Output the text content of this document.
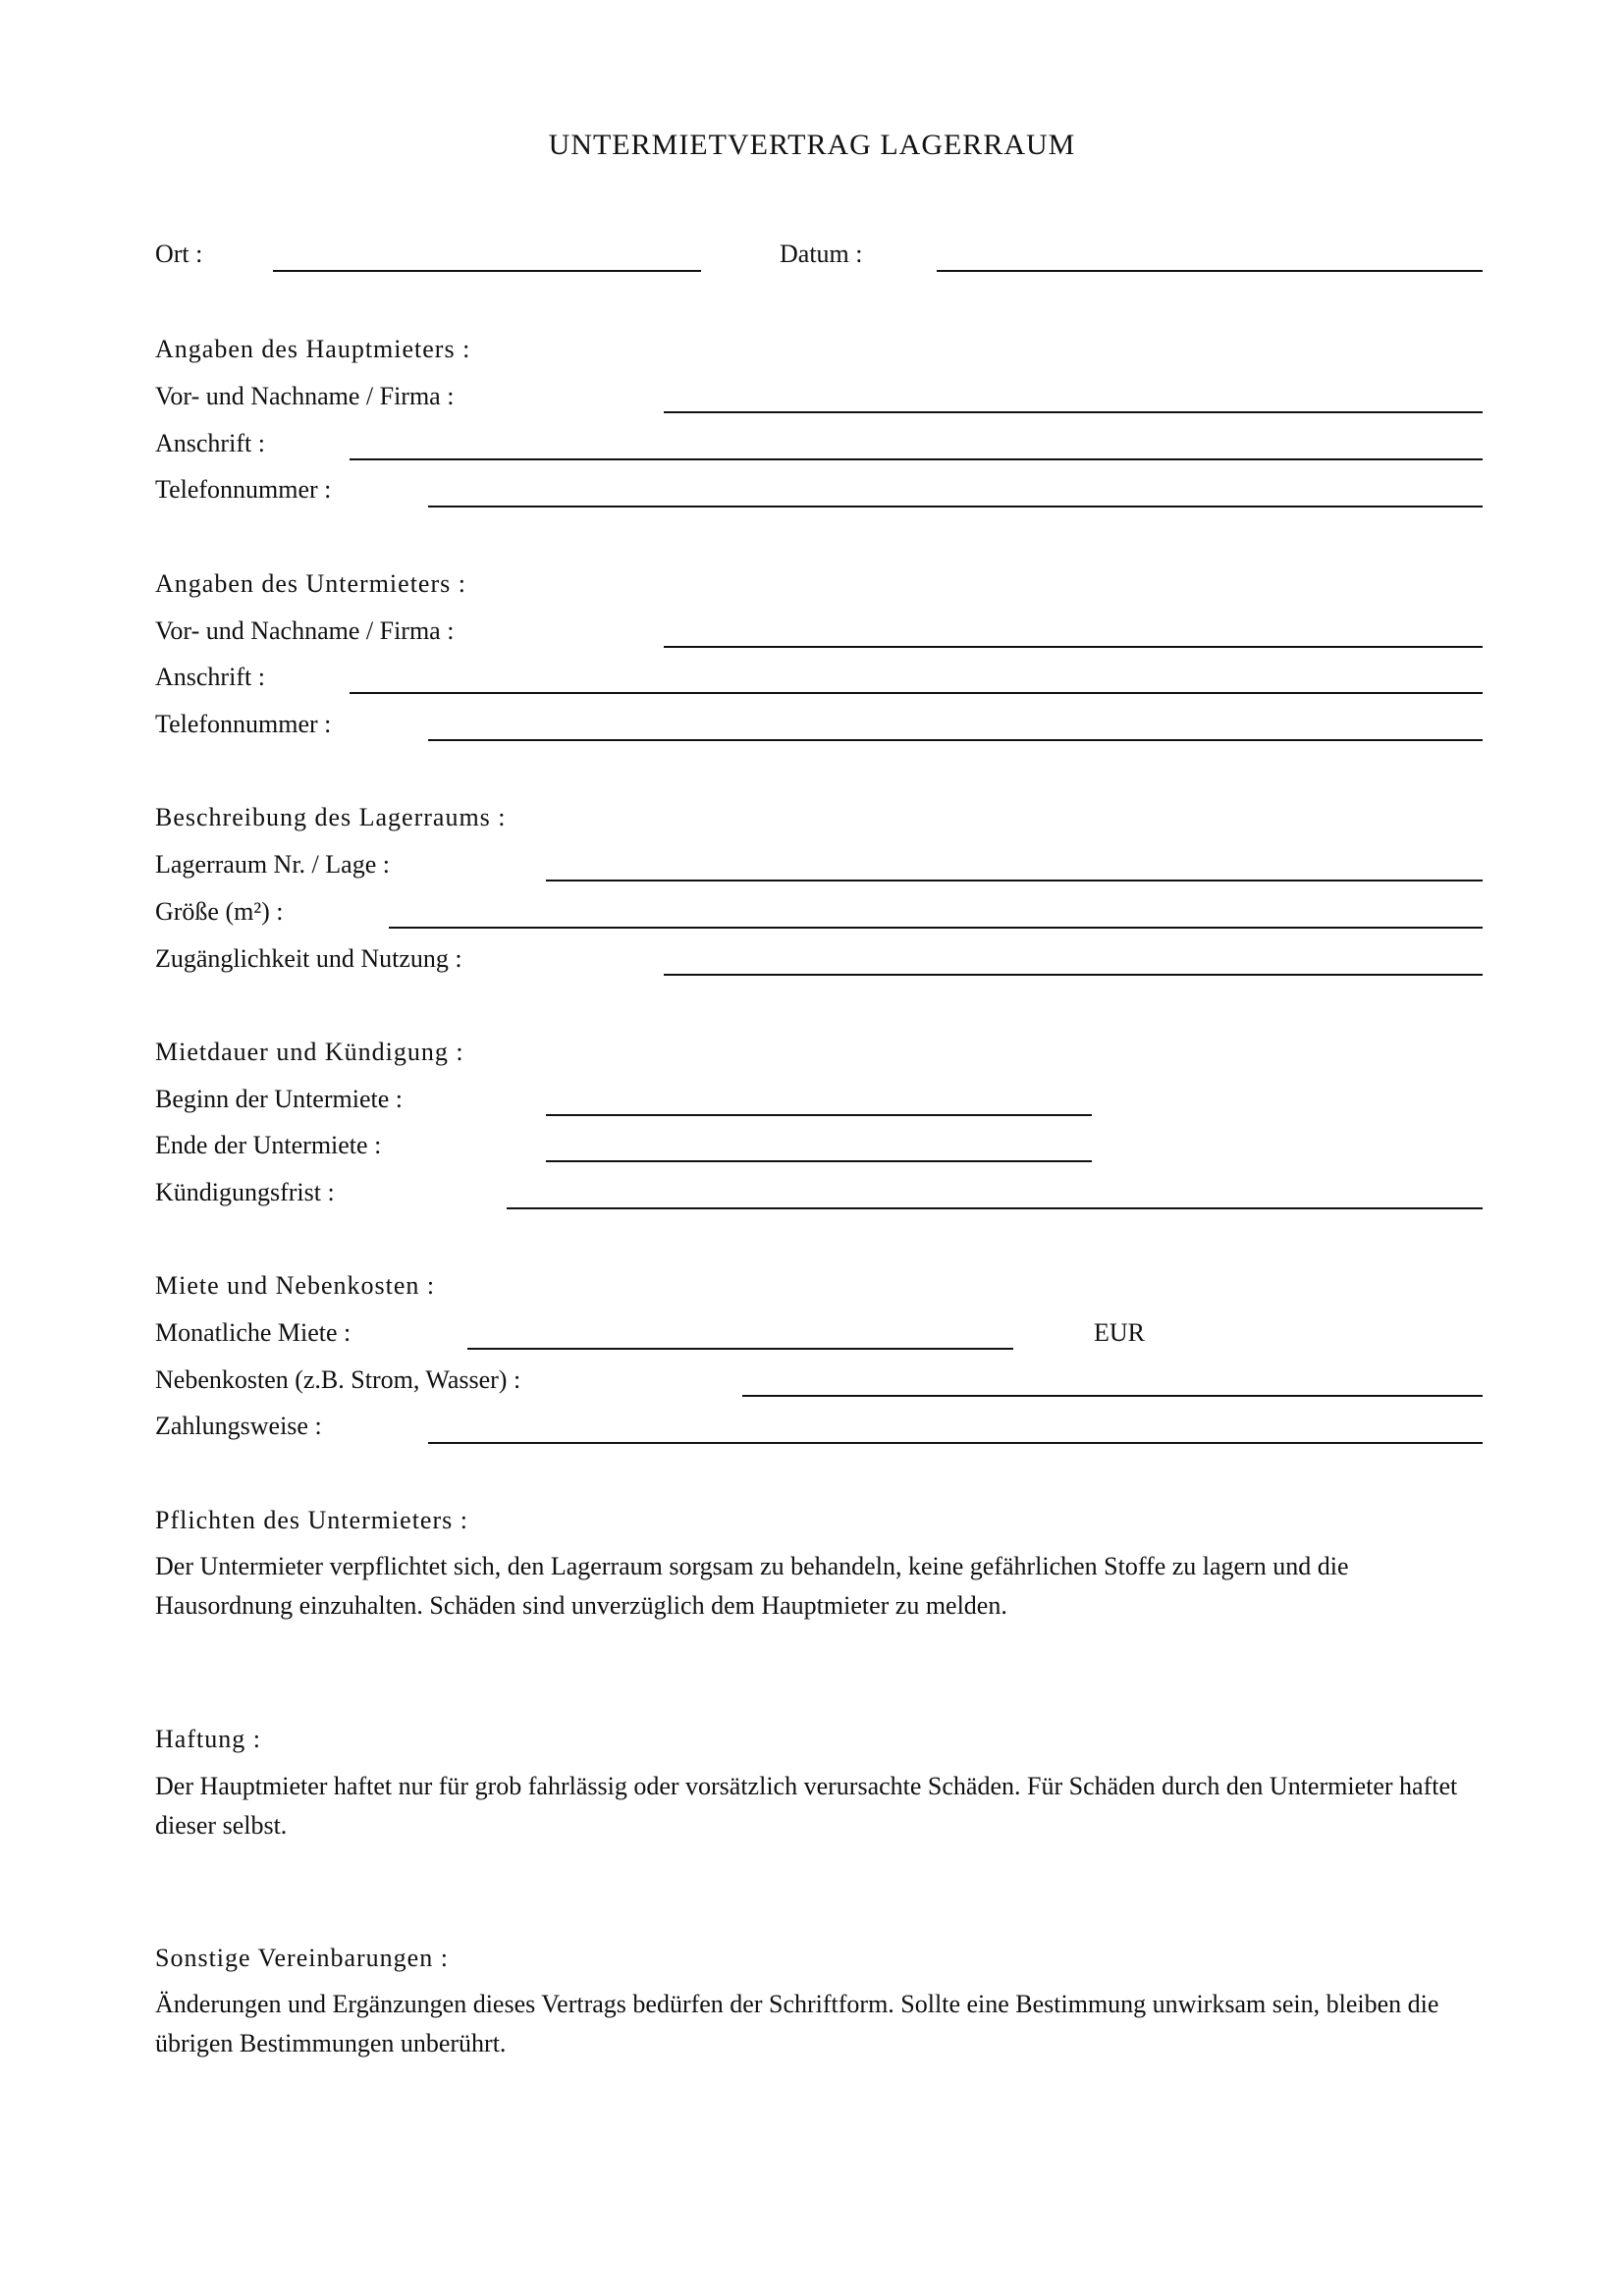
UNTERMIETVERTRAG LAGERRAUM
Ort :	Datum :
Angaben des Hauptmieters :
Vor- und Nachname / Firma :
Anschrift :
Telefonnummer :
Angaben des Untermieters :
Vor- und Nachname / Firma :
Anschrift :
Telefonnummer :
Beschreibung des Lagerraums :
Lagerraum Nr. / Lage :
Größe (m²) :
Zugänglichkeit und Nutzung :
Mietdauer und Kündigung :
Beginn der Untermiete :
Ende der Untermiete :
Kündigungsfrist :
Miete und Nebenkosten :
Monatliche Miete :	EUR
Nebenkosten (z.B. Strom, Wasser) :
Zahlungsweise :
Pflichten des Untermieters :
Der Untermieter verpflichtet sich, den Lagerraum sorgsam zu behandeln, keine gefährlichen Stoffe zu lagern und die Hausordnung einzuhalten. Schäden sind unverzüglich dem Hauptmieter zu melden.
Haftung :
Der Hauptmieter haftet nur für grob fahrlässig oder vorsätzlich verursachte Schäden. Für Schäden durch den Untermieter haftet dieser selbst.
Sonstige Vereinbarungen :
Änderungen und Ergänzungen dieses Vertrags bedürfen der Schriftform. Sollte eine Bestimmung unwirksam sein, bleiben die übrigen Bestimmungen unberührt.
